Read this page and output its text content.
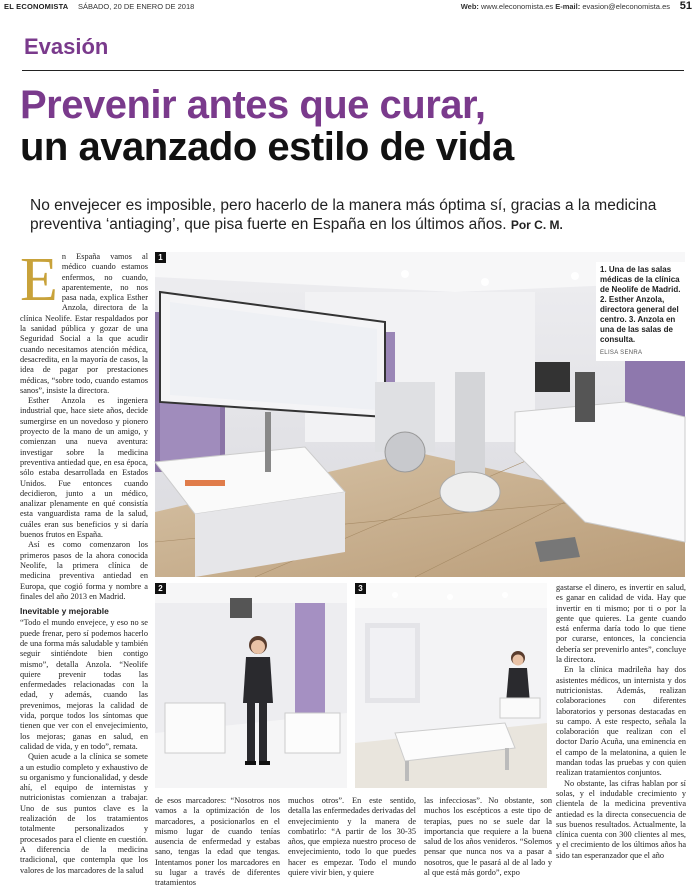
EL ECONOMISTA SÁBADO, 20 DE ENERO DE 2018	Web: www.eleconomista.es E-mail: evasion@eleconomista.es 51
Evasión
Prevenir antes que curar,
un avanzado estilo de vida
No envejecer es imposible, pero hacerlo de la manera más óptima sí, gracias a la medicina preventiva ‘antiaging’, que pisa fuerte en España en los últimos años. Por C. M.
E n España vamos al médico cuando estamos enfermos, no cuando, aparentemente, no nos pasa nada, explica Esther Anzola, directora de la clínica Neolife. Estar respaldados por la sanidad pública y gozar de una Seguridad Social a la que acudir cuando necesitamos atención médica, desacredita, en la mayoría de casos, la idea de pagar por prestaciones médicas, “sobre todo, cuando estamos sanos”, insiste la directora.

Esther Anzola es ingeniera industrial que, hace siete años, decide sumergirse en un novedoso y pionero proyecto de la mano de un amigo, y comienzan una nueva aventura: investigar sobre la medicina preventiva antiedad que, en esa época, sólo estaba desarrollada en Estados Unidos. Fue entonces cuando decidieron, junto a un médico, analizar plenamente en qué consistía esta vanguardista rama de la salud, cuáles eran sus beneficios y si daría buenos frutos en España.

Así es como comenzaron los primeros pasos de la ahora conocida Neolife, la primera clínica de medicina preventiva antiedad en Europa, que cogió forma y nombre a finales del año 2013 en Madrid.

Inevitable y mejorable

“Todo el mundo envejece, y eso no se puede frenar, pero sí podemos hacerlo de una forma más saludable y también seguir sintiéndote bien contigo mismo”, detalla Anzola. “Neolife quiere prevenir todas las enfermedades relacionadas con la edad, y además, cuando las prevenimos, mejoras la calidad de vida, porque todos los síntomas que tienen que ver con el envejecimiento, los mejoras; ganas en salud, en calidad de vida, y en todo”, remata.

Quien acude a la clínica se somete a un estudio completo y exhaustivo de su organismo y funcionalidad, y desde ahí, el equipo de internistas y nutricionistas comienzan a trabajar. Uno de sus puntos clave es la realización de los tratamientos totalmente personalizados y procesados para el cliente en cuestión. A diferencia de la medicina tradicional, que contempla que los valores de los marcadores de la salud

1
1. Una de las salas médicas de la clínica de Neolife de Madrid. 2. Esther Anzola, directora general del centro. 3. Anzola en una de las salas de consulta.
ELISA SENRA
2	3

de esos marcadores: “Nosotros nos vamos a la optimización de los marcadores, a posicionarlos en el mismo lugar de cuando tenías ausencia de enfermedad y estabas sano, tengas la edad que tengas. Intentamos poner los marcadores en su lugar a través de diferentes tratamientos

muchos otros”. En este sentido, detalla las enfermedades derivadas del envejecimiento y la manera de combatirlo: “A partir de los 30-35 años, que empieza nuestro proceso de envejecimiento, todo lo que puedes hacer es empezar. Todo el mundo quiere vivir bien, y quiere

las infecciosas”. No obstante, son muchos los escépticos a este tipo de terapias, pues no se suele dar la importancia que requiere a la buena salud de los años venideros. “Solemos pensar que nunca nos va a pasar a nosotros, que le pasará al de al lado y al que está más gordo”, expo

gastarse el dinero, es invertir en salud, es ganar en calidad de vida. Hay que invertir en ti mismo; por ti o por la gente que quieres. La gente cuando está enferma daría todo lo que tiene por curarse, entonces, la conciencia debería ser prevenirlo antes”, concluye la directora.

En la clínica madrileña hay dos asistentes médicos, un internista y dos nutricionistas. Además, realizan colaboraciones con diferentes laboratorios y personas destacadas en su campo. A este respecto, señala la colaboración que realizan con el doctor Darío Acuña, una eminencia en el campo de la melatonina, a quien le mandan todas las pruebas y con quien realizan tratamientos conjuntos.

No obstante, las cifras hablan por sí solas, y el indudable crecimiento y clientela de la medicina preventiva antiedad es la directa consecuencia de sus buenos resultados. Actualmente, la clínica cuenta con 300 clientes al mes, y el crecimiento de los últimos años ha sido tan esperanzador que el año
